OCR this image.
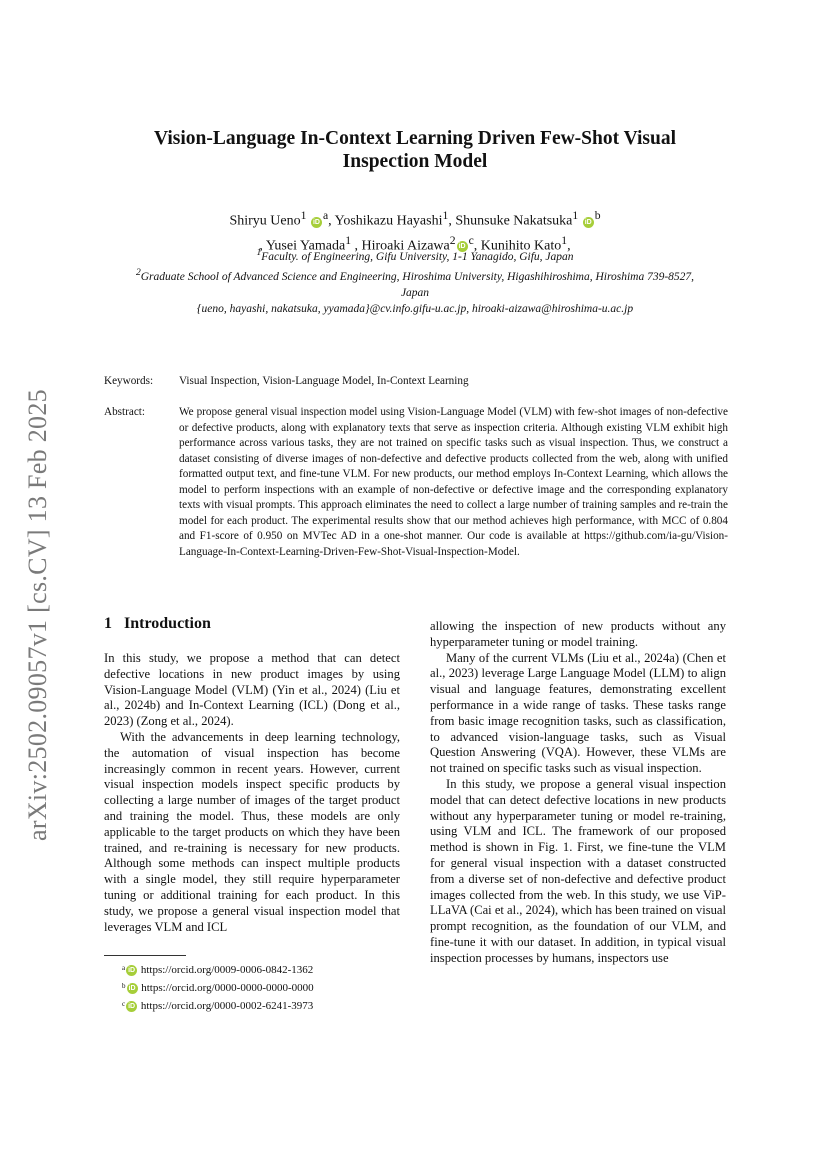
arXiv:2502.09057v1 [cs.CV] 13 Feb 2025
Vision-Language In-Context Learning Driven Few-Shot Visual Inspection Model
Shiryu Ueno$^1$ $iD^a$, Yoshikazu Hayashi$^1$, Shunsuke Nakatsuka$^1$ $iD^b$
, Yusei Yamada$^1$ , Hiroaki $Aizawa^2iD^c$, Kunihito Kato$^1$,
$^1$Faculty. of Engineering, Gifu University, 1-1 Yanagido, Gifu, Japan
$^2$Graduate School of Advanced Science and Engineering, Hiroshima University, Higashihiroshima, Hiroshima 739-8527,
Japan
{ueno, hayashi, nakatsuka, yyamada}@cv.info.gifu-u.ac.jp, hiroaki-aizawa@hiroshima-u.ac.jp
Keywords: Visual Inspection, Vision-Language Model, In-Context Learning
Abstract:	We propose general visual inspection model using Vision-Language Model (VLM) with few-shot images of non-defective or defective products, along with explanatory texts that serve as inspection criteria. Although existing VLM exhibit high performance across various tasks, they are not trained on specific tasks such as visual inspection. Thus, we construct a dataset consisting of diverse images of non-defective and defective products collected from the web, along with unified formatted output text, and fine-tune VLM. For new products, our method employs In-Context Learning, which allows the model to perform inspections with an example of non-defective or defective image and the corresponding explanatory texts with visual prompts. This approach eliminates the need to collect a large number of training samples and re-train the model for each product. The experimental results show that our method achieves high performance, with MCC of 0.804 and F1-score of 0.950 on MVTec AD in a one-shot manner. Our code is available at https://github.com/ia-gu/Vision-Language-In-Context-Learning-Driven-Few-Shot-Visual-Inspection-Model.
1 Introduction

In this study, we propose a method that can detect defective locations in new product images by using Vision-Language Model (VLM) (Yin et al., 2024) (Liu et al., 2024b) and In-Context Learning (ICL) (Dong et al., 2023) (Zong et al., 2024).

With the advancements in deep learning technology, the automation of visual inspection has become increasingly common in recent years. However, current visual inspection models inspect specific products by collecting a large number of images of the target product and training the model. Thus, these models are only applicable to the target products on which they have been trained, and re-training is necessary for new products. Although some methods can inspect multiple products with a single model, they still require hyperparameter tuning or additional training for each product. In this study, we propose a general visual inspection model that leverages VLM and ICL

allowing the inspection of new products without any hyperparameter tuning or model training.

Many of the current VLMs (Liu et al., 2024a) (Chen et al., 2023) leverage Large Language Model (LLM) to align visual and language features, demonstrating excellent performance in a wide range of tasks. These tasks range from basic image recognition tasks, such as classification, to advanced vision-language tasks, such as Visual Question Answering (VQA). However, these VLMs are not trained on specific tasks such as visual inspection.

In this study, we propose a general visual inspection model that can detect defective locations in new products without any hyperparameter tuning or model re-training, using VLM and ICL. The framework of our proposed method is shown in Fig. 1. First, we fine-tune the VLM for general visual inspection with a dataset constructed from a diverse set of non-defective and defective product images collected from the web. In this study, we use ViP-LLaVA (Cai et al., 2024), which has been trained on visual prompt recognition, as the foundation of our VLM, and fine-tune it with our dataset. In addition, in typical visual inspection processes by humans, inspectors use

$^a$ iD https://orcid.org/0009-0006-0842-1362
$^b$ iD https://orcid.org/0000-0000-0000-0000
$^c$ iD https://orcid.org/0000-0002-6241-3973
